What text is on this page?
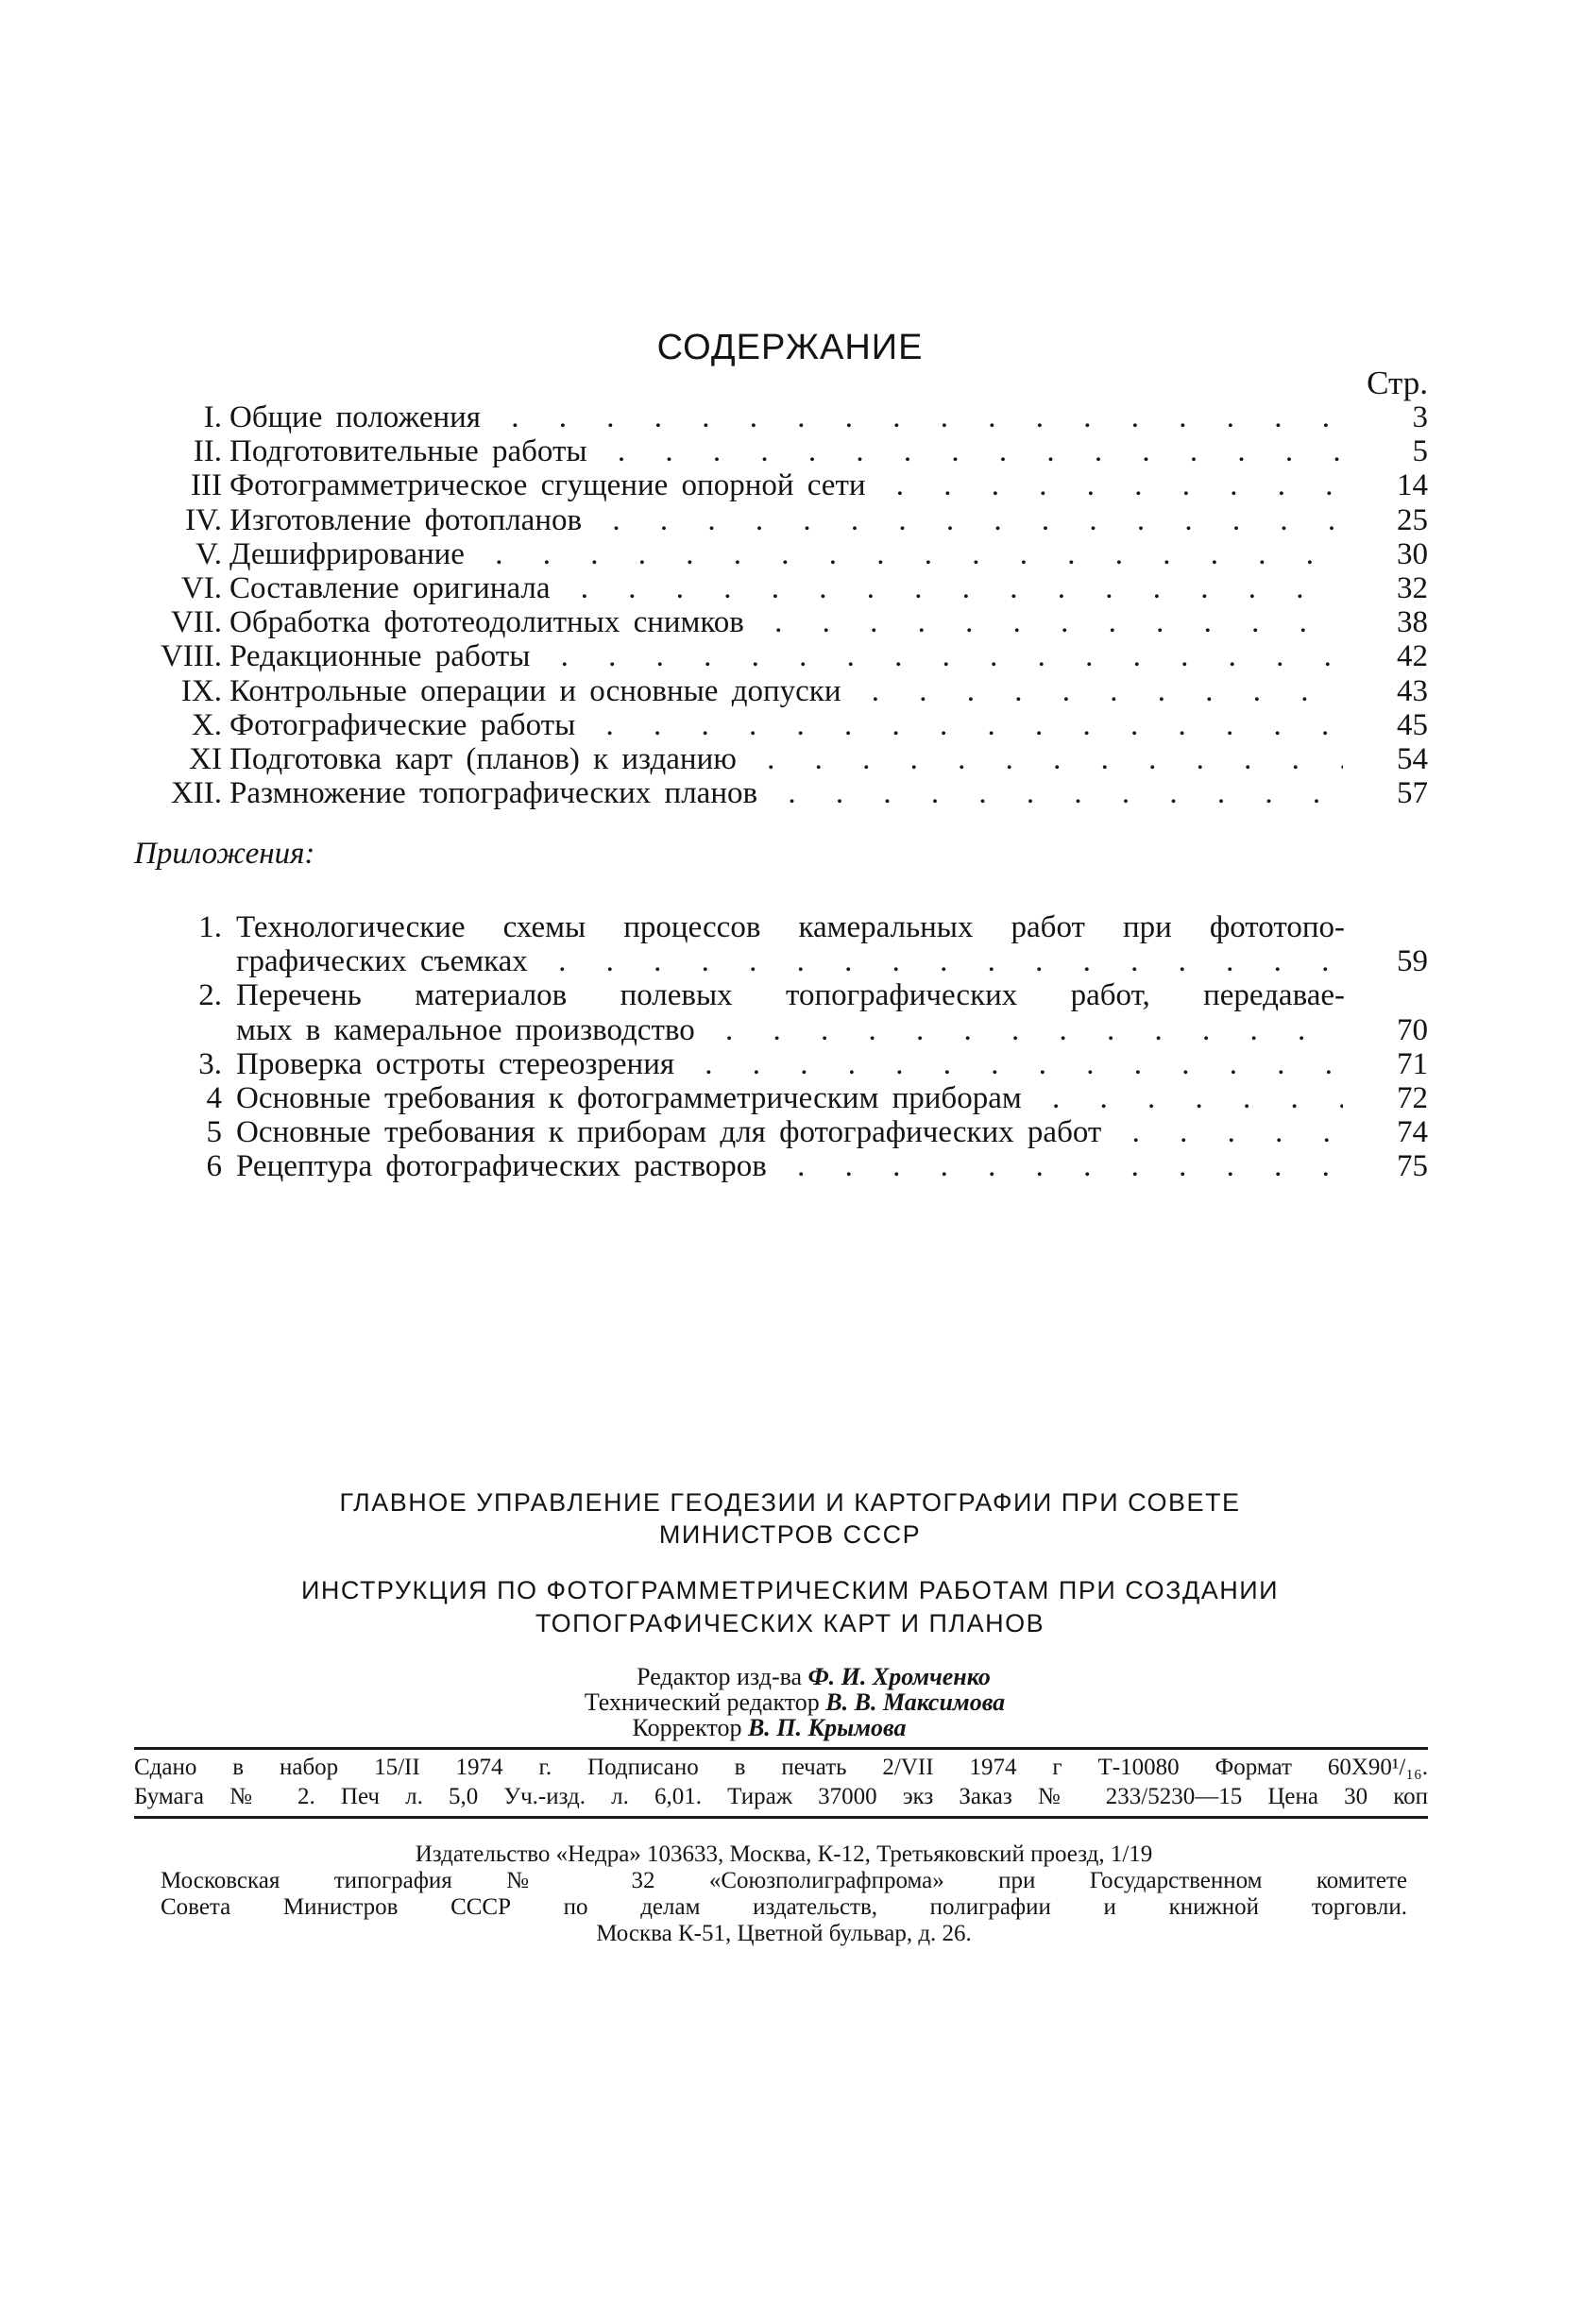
СОДЕРЖАНИЕ
Стр.
I. Общие положения . . .	3
II. Подготовительные работы . . .	5
III Фотограмметрическое сгущение опорной сети . . .	14
IV. Изготовление фотопланов . . .	25
V. Дешифрирование . . .	30
VI. Составление оригинала . . .	32
VII. Обработка фототеодолитных снимков . . .	38
VIII. Редакционные работы . . .	42
IX. Контрольные операции и основные допуски . . .	43
X. Фотографические работы . . .	45
XI Подготовка карт (планов) к изданию . . .	54
XII. Размножение топографических планов . . .	57
Приложения:
1. Технологические схемы процессов камеральных работ при фототопо-
графических съемках . . .	59
2. Перечень материалов полевых топографических работ, передавае-
мых в камеральное производство . . .	70
3. Проверка остроты стереозрения . . .	71
4 Основные требования к фотограмметрическим приборам . . .	72
5 Основные требования к приборам для фотографических работ . . .	74
6 Рецептура фотографических растворов . . .	75
ГЛАВНОЕ УПРАВЛЕНИЕ ГЕОДЕЗИИ И КАРТОГРАФИИ ПРИ СОВЕТЕ
МИНИСТРОВ СССР
ИНСТРУКЦИЯ ПО ФОТОГРАММЕТРИЧЕСКИМ РАБОТАМ ПРИ СОЗДАНИИ
ТОПОГРАФИЧЕСКИХ КАРТ И ПЛАНОВ
Редактор изд-ва Ф. И. Хромченко
Технический редактор В. В. Максимова
Корректор В. П. Крымова
Сдано в набор 15/II 1974 г. Подписано в печать 2/VII 1974 г Т-10080 Формат 60X90¹/₁₆.
Бумага № 2. Печ л. 5,0 Уч.-изд. л. 6,01. Тираж 37000 экз Заказ № 233/5230—15 Цена 30 коп
Издательство «Недра» 103633, Москва, К-12, Третьяковский проезд, 1/19
Московская типография № 32 «Союзполиграфпрома» при Государственном комитете
Совета Министров СССР по делам издательств, полиграфии и книжной торговли.
Москва К-51, Цветной бульвар, д. 26.
